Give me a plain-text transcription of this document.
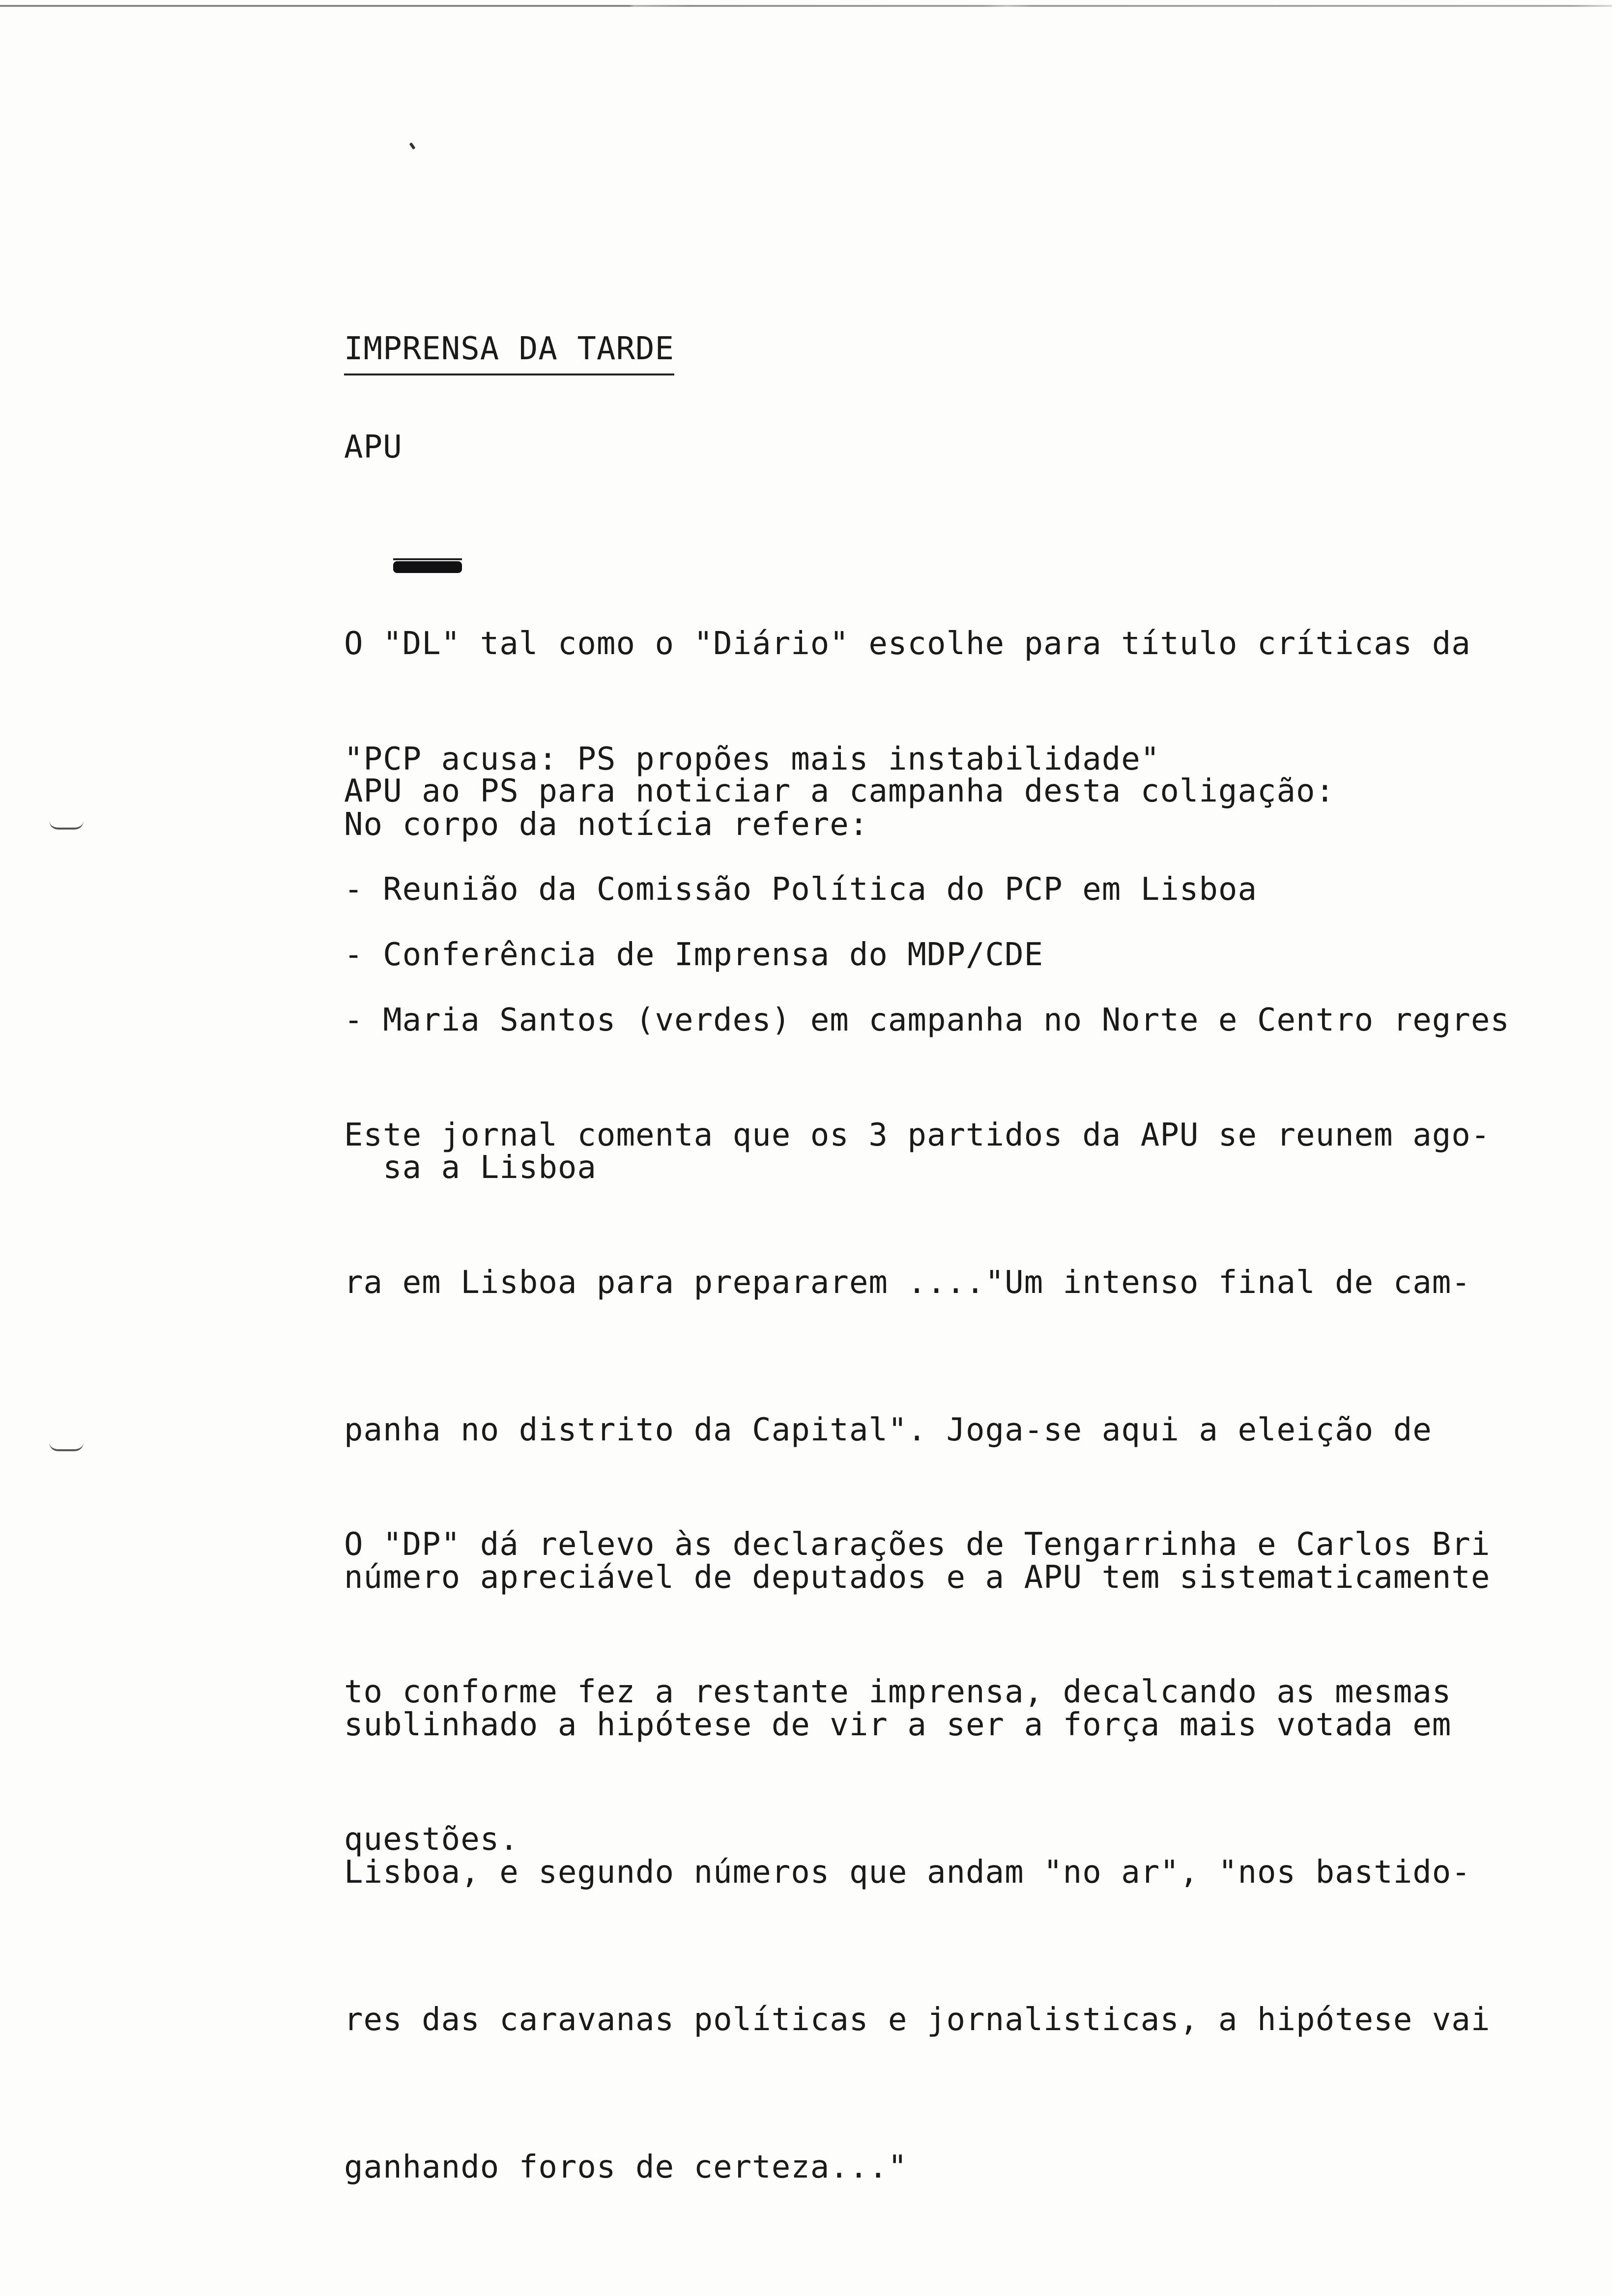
IMPRENSA DA TARDE
APU

O "DL" tal como o "Diário" escolhe para título críticas da

APU ao PS para noticiar a campanha desta coligação:

"PCP acusa: PS propões mais instabilidade"

No corpo da notícia refere:

- Reunião da Comissão Política do PCP em Lisboa

- Conferência de Imprensa do MDP/CDE

- Maria Santos (verdes) em campanha no Norte e Centro regres

sa a Lisboa

Este jornal comenta que os 3 partidos da APU se reunem ago-

ra em Lisboa para prepararem ...."Um intenso final de cam-

panha no distrito da Capital". Joga-se aqui a eleição de

número apreciável de deputados e a APU tem sistematicamente

sublinhado a hipótese de vir a ser a força mais votada em

Lisboa, e segundo números que andam "no ar", "nos bastido-

res das caravanas políticas e jornalisticas, a hipótese vai

ganhando foros de certeza..."

O "DP" dá relevo às declarações de Tengarrinha e Carlos Bri

to conforme fez a restante imprensa, decalcando as mesmas

questões.
